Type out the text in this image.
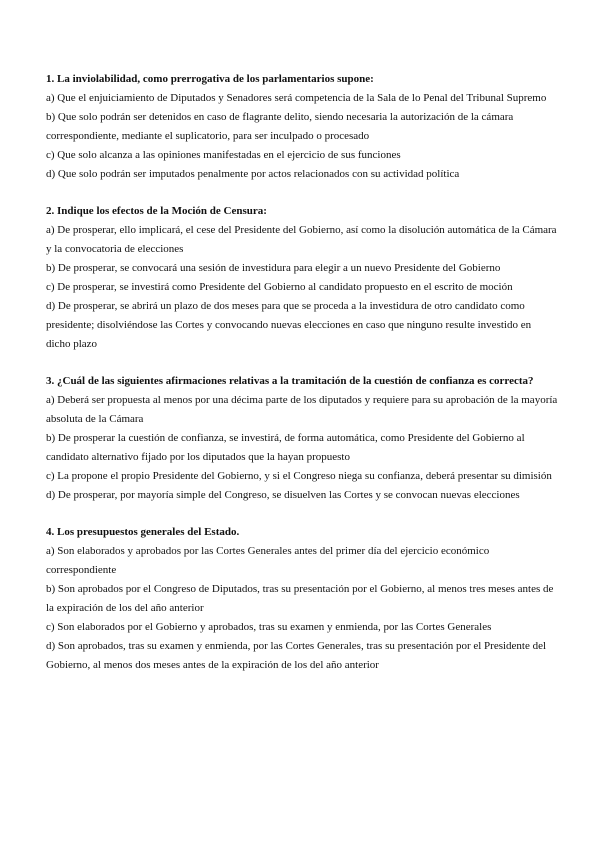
1. La inviolabilidad, como prerrogativa de los parlamentarios supone:

a) Que el enjuiciamiento de Diputados y Senadores será competencia de la Sala de lo Penal del Tribunal Supremo

b) Que solo podrán ser detenidos en caso de flagrante delito, siendo necesaria la autorización de la cámara correspondiente, mediante el suplicatorio, para ser inculpado o procesado

c) Que solo alcanza a las opiniones manifestadas en el ejercicio de sus funciones

d) Que solo podrán ser imputados penalmente por actos relacionados con su actividad política

2. Indique los efectos de la Moción de Censura:

a) De prosperar, ello implicará, el cese del Presidente del Gobierno, así como la disolución automática de la Cámara y la convocatoria de elecciones

b) De prosperar, se convocará una sesión de investidura para elegir a un nuevo Presidente del Gobierno

c) De prosperar, se investirá como Presidente del Gobierno al candidato propuesto en el escrito de moción

d) De prosperar, se abrirá un plazo de dos meses para que se proceda a la investidura de otro candidato como presidente; disolviéndose las Cortes y convocando nuevas elecciones en caso que ninguno resulte investido en dicho plazo

3. ¿Cuál de las siguientes afirmaciones relativas a la tramitación de la cuestión de confianza es correcta?

a) Deberá ser propuesta al menos por una décima parte de los diputados y requiere para su aprobación de la mayoría absoluta de la Cámara

b) De prosperar la cuestión de confianza, se investirá, de forma automática, como Presidente del Gobierno al candidato alternativo fijado por los diputados que la hayan propuesto

c) La propone el propio Presidente del Gobierno, y si el Congreso niega su confianza, deberá presentar su dimisión

d) De prosperar, por mayoría simple del Congreso, se disuelven las Cortes y se convocan nuevas elecciones

4. Los presupuestos generales del Estado.

a) Son elaborados y aprobados por las Cortes Generales antes del primer día del ejercicio económico correspondiente

b) Son aprobados por el Congreso de Diputados, tras su presentación por el Gobierno, al menos tres meses antes de la expiración de los del año anterior

c) Son elaborados por el Gobierno y aprobados, tras su examen y enmienda, por las Cortes Generales

d) Son aprobados, tras su examen y enmienda, por las Cortes Generales, tras su presentación por el Presidente del Gobierno, al menos dos meses antes de la expiración de los del año anterior
